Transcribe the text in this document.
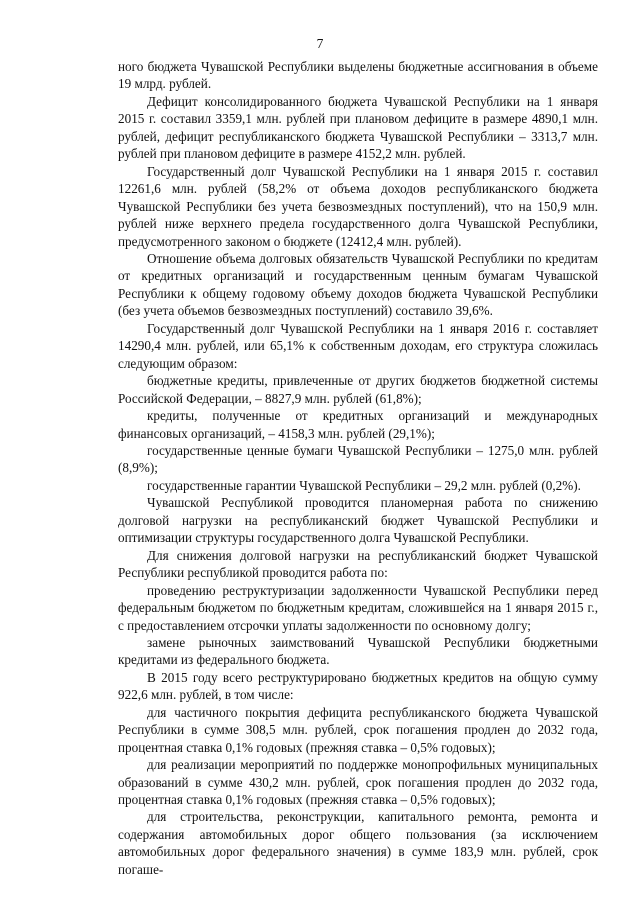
7

ного бюджета Чувашской Республики выделены бюджетные ассигнования в объеме 19 млрд. рублей.

Дефицит консолидированного бюджета Чувашской Республики на 1 января 2015 г. составил 3359,1 млн. рублей при плановом дефиците в размере 4890,1 млн. рублей, дефицит республиканского бюджета Чувашской Республики – 3313,7 млн. рублей при плановом дефиците в размере 4152,2 млн. рублей.

Государственный долг Чувашской Республики на 1 января 2015 г. составил 12261,6 млн. рублей (58,2% от объема доходов республиканского бюджета Чувашской Республики без учета безвозмездных поступлений), что на 150,9 млн. рублей ниже верхнего предела государственного долга Чувашской Республики, предусмотренного законом о бюджете (12412,4 млн. рублей).

Отношение объема долговых обязательств Чувашской Республики по кредитам от кредитных организаций и государственным ценным бумагам Чувашской Республики к общему годовому объему доходов бюджета Чувашской Республики (без учета объемов безвозмездных поступлений) составило 39,6%.

Государственный долг Чувашской Республики на 1 января 2016 г. составляет 14290,4 млн. рублей, или 65,1% к собственным доходам, его структура сложилась следующим образом:

бюджетные кредиты, привлеченные от других бюджетов бюджетной системы Российской Федерации, – 8827,9 млн. рублей (61,8%);

кредиты, полученные от кредитных организаций и международных финансовых организаций, – 4158,3 млн. рублей (29,1%);

государственные ценные бумаги Чувашской Республики – 1275,0 млн. рублей (8,9%);

государственные гарантии Чувашской Республики – 29,2 млн. рублей (0,2%).

Чувашской Республикой проводится планомерная работа по снижению долговой нагрузки на республиканский бюджет Чувашской Республики и оптимизации структуры государственного долга Чувашской Республики.

Для снижения долговой нагрузки на республиканский бюджет Чувашской Республики республикой проводится работа по:

проведению реструктуризации задолженности Чувашской Республики перед федеральным бюджетом по бюджетным кредитам, сложившейся на 1 января 2015 г., с предоставлением отсрочки уплаты задолженности по основному долгу;

замене рыночных заимствований Чувашской Республики бюджетными кредитами из федерального бюджета.

В 2015 году всего реструктурировано бюджетных кредитов на общую сумму 922,6 млн. рублей, в том числе:

для частичного покрытия дефицита республиканского бюджета Чувашской Республики в сумме 308,5 млн. рублей, срок погашения продлен до 2032 года, процентная ставка 0,1% годовых (прежняя ставка – 0,5% годовых);

для реализации мероприятий по поддержке монопрофильных муниципальных образований в сумме 430,2 млн. рублей, срок погашения продлен до 2032 года, процентная ставка 0,1% годовых (прежняя ставка – 0,5% годовых);

для строительства, реконструкции, капитального ремонта, ремонта и содержания автомобильных дорог общего пользования (за исключением автомобильных дорог федерального значения) в сумме 183,9 млн. рублей, срок погаше-
